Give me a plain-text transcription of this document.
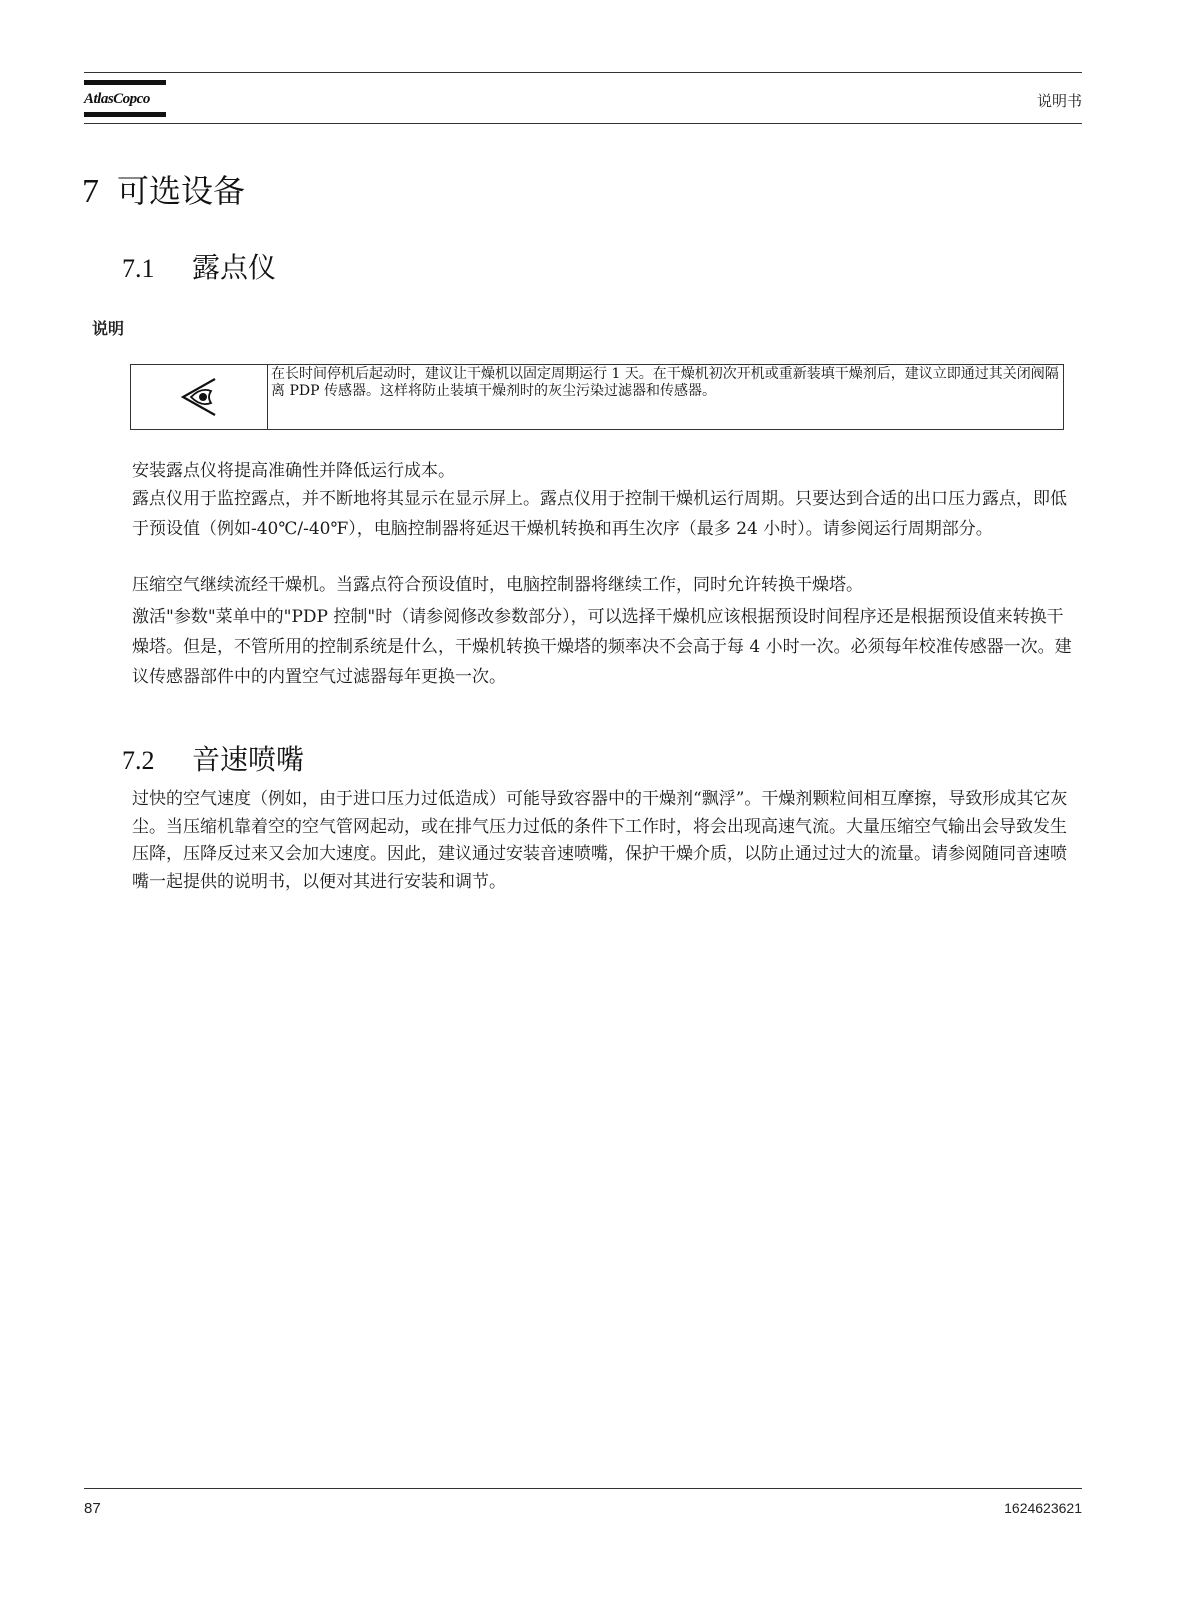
AtlasCopco	说明书
7 可选设备
7.1 露点仪
说明
在长时间停机后起动时，建议让干燥机以固定周期运行 1 天。在干燥机初次开机或重新装填干燥剂后，建议立即通过其关闭阀隔离 PDP 传感器。这样将防止装填干燥剂时的灰尘污染过滤器和传感器。

安装露点仪将提高准确性并降低运行成本。

露点仪用于监控露点，并不断地将其显示在显示屏上。露点仪用于控制干燥机运行周期。只要达到合适的出口压力露点，即低于预设值（例如-40℃/-40℉），电脑控制器将延迟干燥机转换和再生次序（最多 24 小时）。请参阅运行周期部分。

压缩空气继续流经干燥机。当露点符合预设值时，电脑控制器将继续工作，同时允许转换干燥塔。

激活"参数"菜单中的"PDP 控制"时（请参阅修改参数部分），可以选择干燥机应该根据预设时间程序还是根据预设值来转换干燥塔。但是，不管所用的控制系统是什么，干燥机转换干燥塔的频率决不会高于每 4 小时一次。必须每年校准传感器一次。建议传感器部件中的内置空气过滤器每年更换一次。

7.2 音速喷嘴

过快的空气速度（例如，由于进口压力过低造成）可能导致容器中的干燥剂“飘浮”。干燥剂颗粒间相互摩擦，导致形成其它灰尘。当压缩机靠着空的空气管网起动，或在排气压力过低的条件下工作时，将会出现高速气流。大量压缩空气输出会导致发生压降，压降反过来又会加大速度。因此，建议通过安装音速喷嘴，保护干燥介质，以防止通过过大的流量。请参阅随同音速喷嘴一起提供的说明书，以便对其进行安装和调节。

87	1624623621
